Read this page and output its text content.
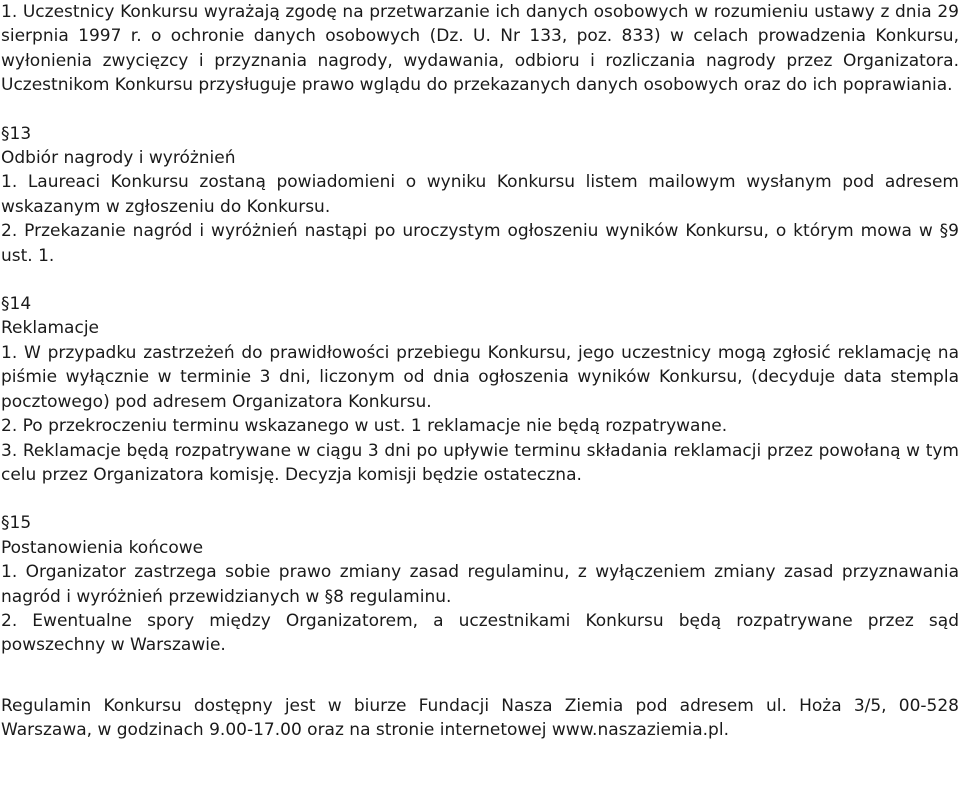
1. Uczestnicy Konkursu wyrażają zgodę na przetwarzanie ich danych osobowych w rozumieniu ustawy z dnia 29 sierpnia 1997 r. o ochronie danych osobowych (Dz. U. Nr 133, poz. 833) w celach prowadzenia Konkursu, wyłonienia zwycięzcy i przyznania nagrody, wydawania, odbioru i rozliczania nagrody przez Organizatora. Uczestnikom Konkursu przysługuje prawo wglądu do przekazanych danych osobowych oraz do ich poprawiania.

§13

Odbiór nagrody i wyróżnień

1. Laureaci Konkursu zostaną powiadomieni o wyniku Konkursu listem mailowym wysłanym pod adresem wskazanym w zgłoszeniu do Konkursu.

2. Przekazanie nagród i wyróżnień nastąpi po uroczystym ogłoszeniu wyników Konkursu, o którym mowa w §9 ust. 1.

§14

Reklamacje

1. W przypadku zastrzeżeń do prawidłowości przebiegu Konkursu, jego uczestnicy mogą zgłosić reklamację na piśmie wyłącznie w terminie 3 dni, liczonym od dnia ogłoszenia wyników Konkursu, (decyduje data stempla pocztowego) pod adresem Organizatora Konkursu.

2. Po przekroczeniu terminu wskazanego w ust. 1 reklamacje nie będą rozpatrywane.

3. Reklamacje będą rozpatrywane w ciągu 3 dni po upływie terminu składania reklamacji przez powołaną w tym celu przez Organizatora komisję. Decyzja komisji będzie ostateczna.

§15

Postanowienia końcowe

1. Organizator zastrzega sobie prawo zmiany zasad regulaminu, z wyłączeniem zmiany zasad przyznawania nagród i wyróżnień przewidzianych w §8 regulaminu.

2. Ewentualne spory między Organizatorem, a uczestnikami Konkursu będą rozpatrywane przez sąd powszechny w Warszawie.

Regulamin Konkursu dostępny jest w biurze Fundacji Nasza Ziemia pod adresem ul. Hoża 3/5, 00-528 Warszawa, w godzinach 9.00-17.00 oraz na stronie internetowej www.naszaziemia.pl.
